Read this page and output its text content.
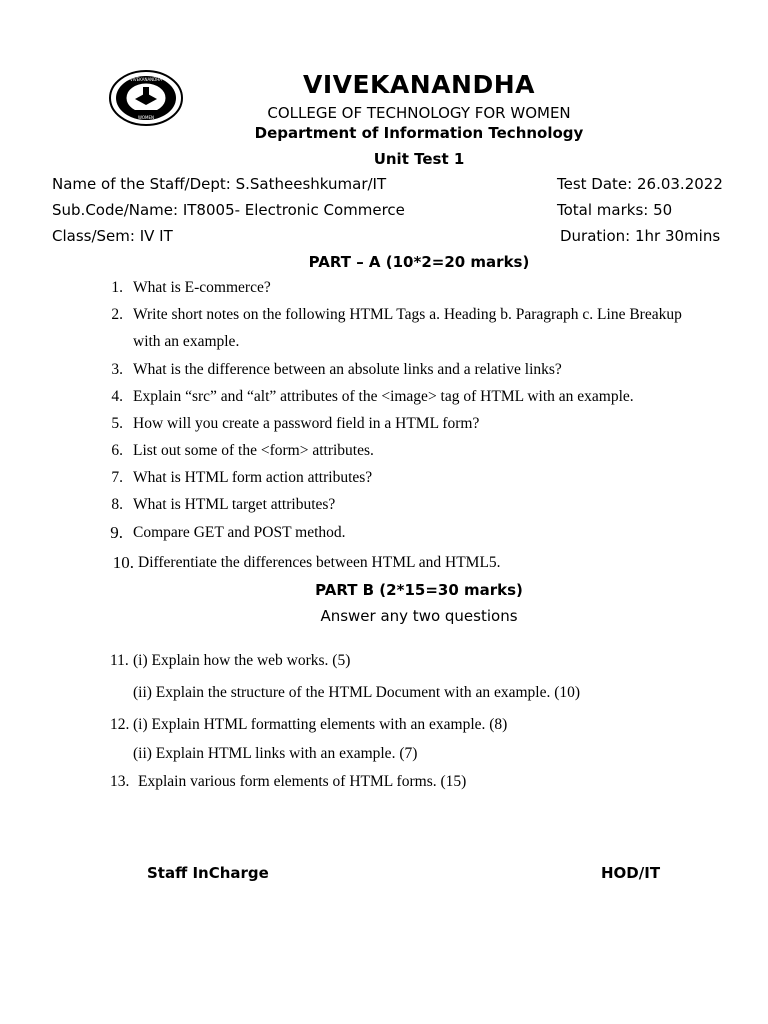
VIVEKANANDHA
WOMEN
VIVEKANANDHA
COLLEGE OF TECHNOLOGY FOR WOMEN
Department of Information Technology
Unit Test 1
Name of the Staff/Dept: S.Satheeshkumar/IT	Test Date: 26.03.2022
Sub.Code/Name: IT8005- Electronic Commerce	Total marks: 50
Class/Sem: IV IT	Duration: 1hr 30mins
PART – A (10*2=20 marks)
1. What is E-commerce?
2. Write short notes on the following HTML Tags a. Heading b. Paragraph c. Line Breakup
with an example.
3. What is the difference between an absolute links and a relative links?
4. Explain “src” and “alt” attributes of the <image> tag of HTML with an example.
5. How will you create a password field in a HTML form?
6. List out some of the <form> attributes.
7. What is HTML form action attributes?
8. What is HTML target attributes?
9. Compare GET and POST method.
10. Differentiate the differences between HTML and HTML5.
PART B (2*15=30 marks)
Answer any two questions
11. (i) Explain how the web works. (5)
(ii) Explain the structure of the HTML Document with an example. (10)
12. (i) Explain HTML formatting elements with an example. (8)
(ii) Explain HTML links with an example. (7)
13. Explain various form elements of HTML forms. (15)
Staff InCharge	HOD/IT
